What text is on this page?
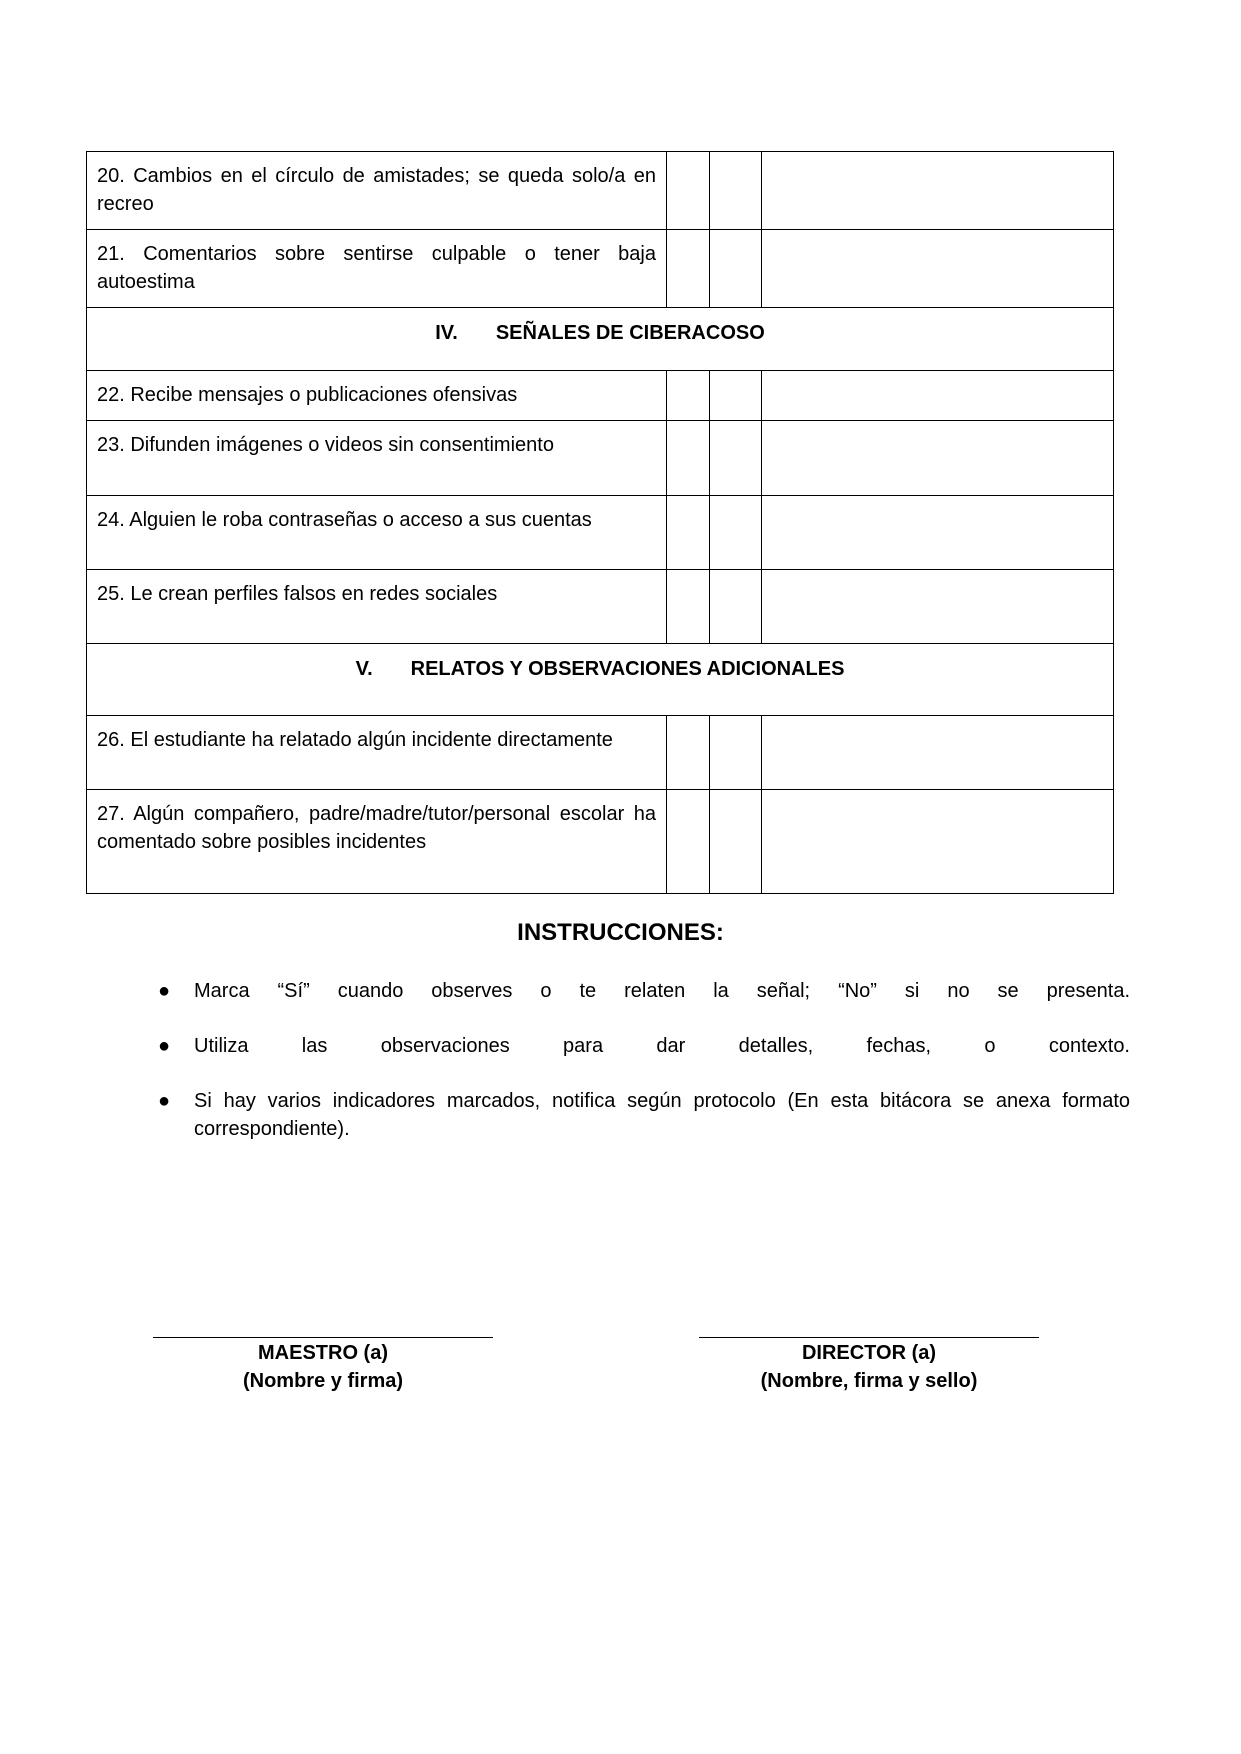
20. Cambios en el círculo de amistades; se queda solo/a en recreo			
21. Comentarios sobre sentirse culpable o tener baja autoestima			
IV. SEÑALES DE CIBERACOSO			
22. Recibe mensajes o publicaciones ofensivas			
23. Difunden imágenes o videos sin consentimiento			
24. Alguien le roba contraseñas o acceso a sus cuentas			
25. Le crean perfiles falsos en redes sociales			
V. RELATOS Y OBSERVACIONES ADICIONALES			
26. El estudiante ha relatado algún incidente directamente			
27. Algún compañero, padre/madre/tutor/personal escolar ha comentado sobre posibles incidentes			
INSTRUCCIONES:
● Marca “Sí” cuando observes o te relaten la señal; “No” si no se presenta.
● Utiliza las observaciones para dar detalles, fechas, o contexto.
● Si hay varios indicadores marcados, notifica según protocolo (En esta bitácora se anexa formato correspondiente).
MAESTRO (a)
(Nombre y firma)
DIRECTOR (a)
(Nombre, firma y sello)
